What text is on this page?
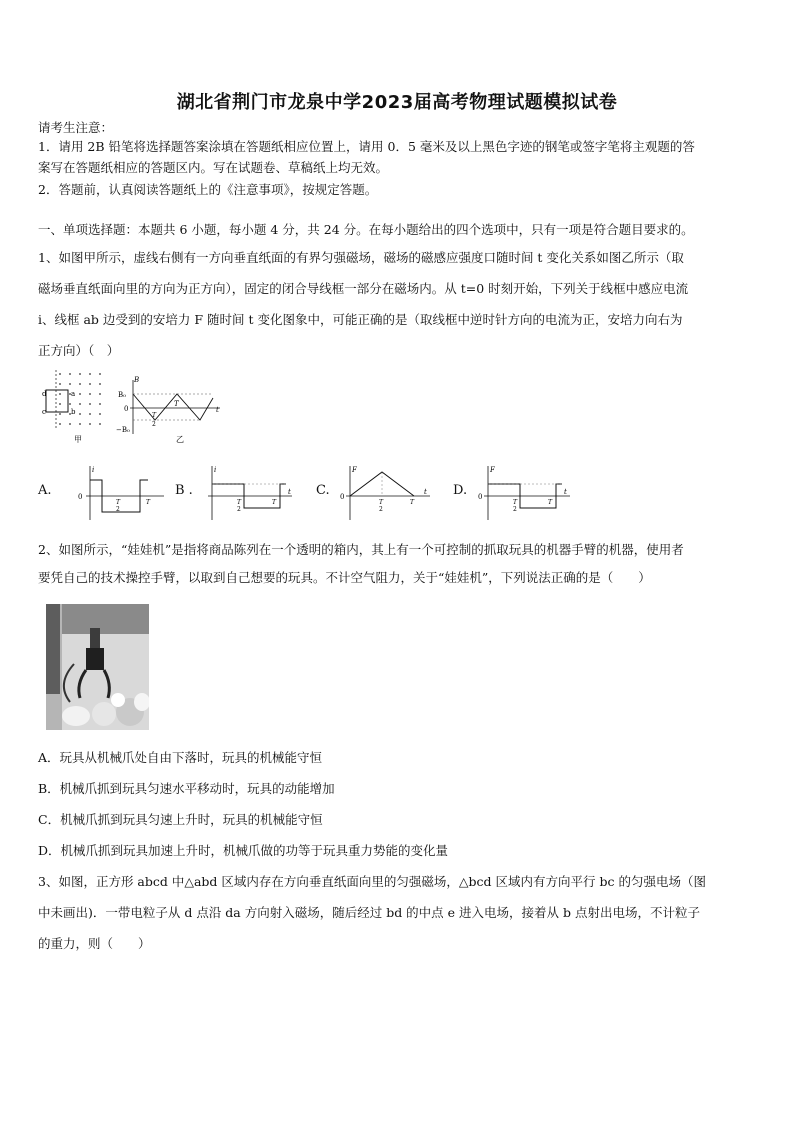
湖北省荆门市龙泉中学2023届高考物理试题模拟试卷
请考生注意：
1．请用 2B 铅笔将选择题答案涂填在答题纸相应位置上，请用 0．5 毫米及以上黑色字迹的钢笔或签字笔将主观题的答
案写在答题纸相应的答题区内。写在试题卷、草稿纸上均无效。
2．答题前，认真阅读答题纸上的《注意事项》，按规定答题。
一、单项选择题：本题共 6 小题，每小题 4 分，共 24 分。在每小题给出的四个选项中，只有一项是符合题目要求的。
1、如图甲所示，虚线右侧有一方向垂直纸面的有界匀强磁场，磁场的磁感应强度口随时间 t 变化关系如图乙所示（取
磁场垂直纸面向里的方向为正方向），固定的闭合导线框一部分在磁场内。从 t=0 时刻开始，下列关于线框中感应电流
i、线框 ab 边受到的安培力 F 随时间 t 变化图象中，可能正确的是（取线框中逆时针方向的电流为正，安培力向右为
正方向）（　）
d	a
b
c
甲
B
B₀
0
−B₀
T
2
T
t
乙
A.
i
0
T
2
T
B .
i
T
2
T
t C.
F
0
T
2
T
t D.
F
0
T
2
T
t
2、如图所示，“娃娃机”是指将商品陈列在一个透明的箱内，其上有一个可控制的抓取玩具的机器手臂的机器，使用者
要凭自己的技术操控手臂，以取到自己想要的玩具。不计空气阻力，关于“娃娃机”，下列说法正确的是（　　）
A．玩具从机械爪处自由下落时，玩具的机械能守恒
B．机械爪抓到玩具匀速水平移动时，玩具的动能增加
C．机械爪抓到玩具匀速上升时，玩具的机械能守恒
D．机械爪抓到玩具加速上升时，机械爪做的功等于玩具重力势能的变化量
3、如图，正方形 abcd 中△abd 区域内存在方向垂直纸面向里的匀强磁场，△bcd 区域内有方向平行 bc 的匀强电场（图
中未画出)．一带电粒子从 d 点沿 da 方向射入磁场，随后经过 bd 的中点 e 进入电场，接着从 b 点射出电场，不计粒子
的重力，则（　　）
